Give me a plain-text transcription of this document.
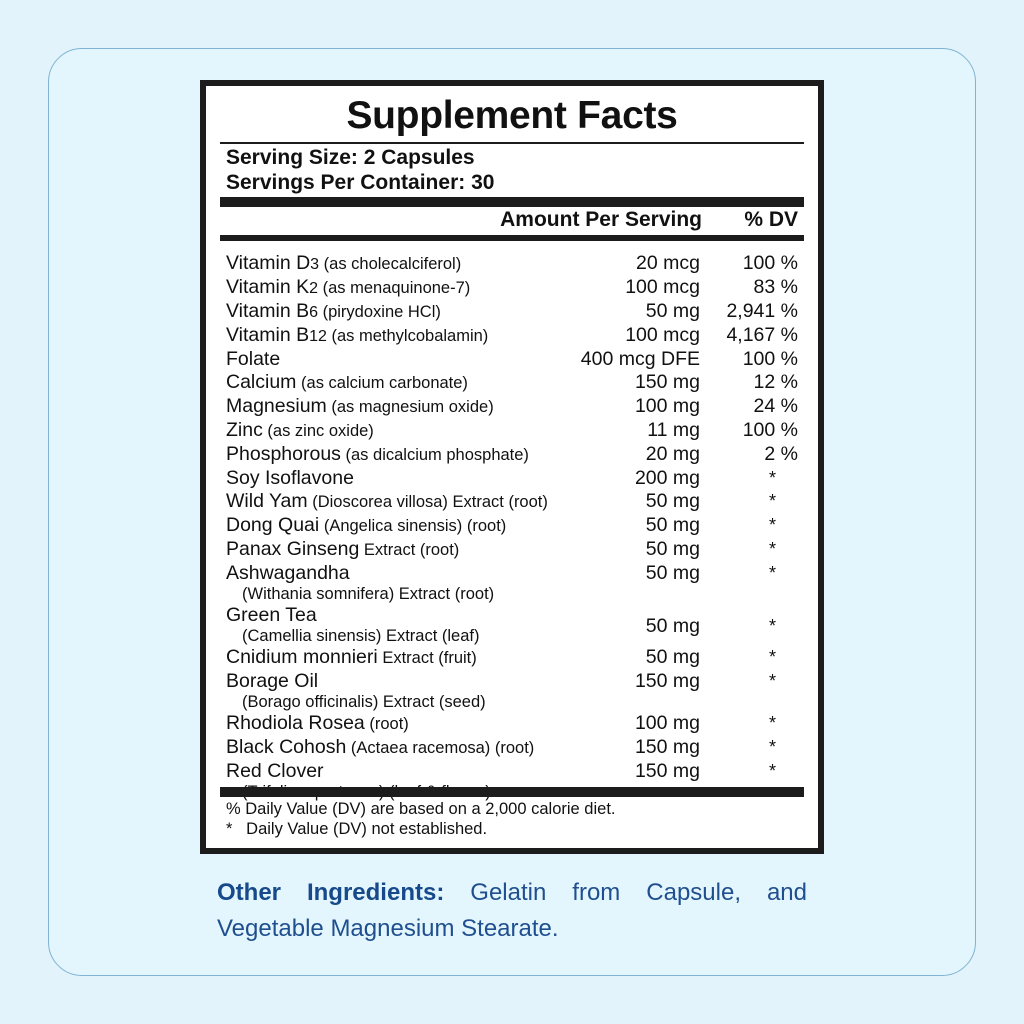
Supplement Facts
Serving Size: 2 Capsules
Servings Per Container: 30
Amount Per Serving % DV
Vitamin D3 (as cholecalciferol)	20 mcg 100 %
Vitamin K2 (as menaquinone-7)	100 mcg	83 %
Vitamin B6 (pirydoxine HCl)	50 mg 2,941 %
Vitamin B12 (as methylcobalamin)	100 mcg 4,167 %
Folate	400 mcg DFE 100 %
Calcium (as calcium carbonate)	150 mg	12 %
Magnesium (as magnesium oxide)	100 mg	24 %
Zinc (as zinc oxide)	11 mg 100 %
Phosphorous (as dicalcium phosphate)	20 mg	2 %
Soy Isoflavone	200 mg	*
Wild Yam (Dioscorea villosa) Extract (root)	50 mg	*
Dong Quai (Angelica sinensis) (root)	50 mg	*
Panax Ginseng Extract (root)	50 mg	*
Ashwagandha
(Withania somnifera) Extract (root)
50 mg	*
Green Tea
(Camellia sinensis) Extract (leaf)	50 mg	*
Cnidium monnieri Extract (fruit)	50 mg	*
Borage Oil
(Borago officinalis) Extract (seed)
150 mg	*
Rhodiola Rosea (root)	100 mg	*
Black Cohosh (Actaea racemosa) (root)	150 mg	*
Red Clover	150 mg	*
% Daily Value (DV) are based on a 2,000 calorie diet.
*   Daily Value (DV) not established.
Other Ingredients: Gelatin from Capsule, and Vegetable Magnesium Stearate.
